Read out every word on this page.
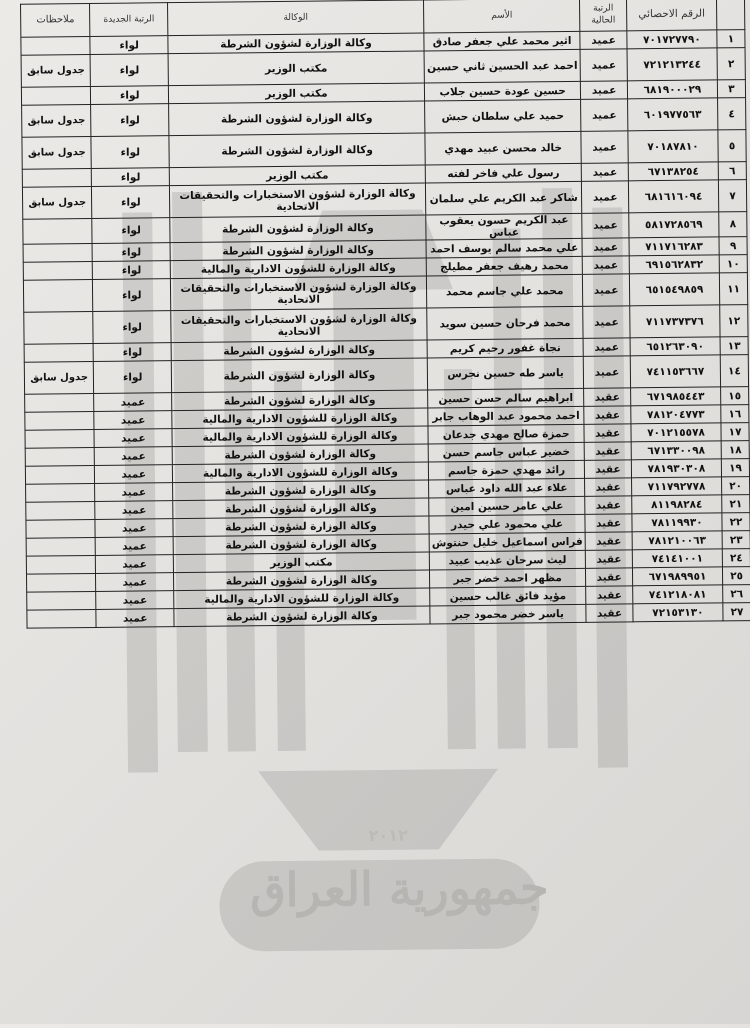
جمهورية العراق
٢٠١٢
	الرقم الاحصائي	الرتبة الحالية	الأسم	الوكالة	الرتبة الجديدة	ملاحظات
١	٧٠١٧٢٧٧٩٠	عميد	اثير محمد علي جعفر صادق	وكالة الوزارة لشؤون الشرطة	لواء	
٢	٧٢١٢١٣٢٤٤	عميد	احمد عبد الحسين ثاني حسين	مكتب الوزير	لواء	جدول سابق
٣	٦٨١٩٠٠٠٢٩	عميد	حسين عودة حسين جلاب	مكتب الوزير	لواء	
٤	٦٠١٩٧٧٥٦٣	عميد	حميد علي سلطان حبش	وكالة الوزارة لشؤون الشرطة	لواء	جدول سابق
٥	٧٠١٨٧٨١٠	عميد	خالد محسن عبيد مهدي	وكالة الوزارة لشؤون الشرطة	لواء	جدول سابق
٦	٦٧١٣٨٢٥٤	عميد	رسول علي فاخر لفته	مكتب الوزير	لواء	
٧	٦٨١٦١٦٠٩٤	عميد	شاكر عبد الكريم علي سلمان	وكالة الوزارة لشؤون الاستخبارات والتحقيقات الاتحادية	لواء	جدول سابق
٨	٥٨١٧٢٨٥٦٩	عميد	عبد الكريم حسون يعقوب عباس	وكالة الوزارة لشؤون الشرطة	لواء	
٩	٧١١٧١٦٢٨٣	عميد	علي محمد سالم يوسف احمد	وكالة الوزارة لشؤون الشرطة	لواء	
١٠	٦٩١٥٦٢٨٣٢	عميد	محمد رهيف جعفر مطيلج	وكالة الوزارة للشؤون الادارية والمالية	لواء	
١١	٦٥١٥٤٩٨٥٩	عميد	محمد علي جاسم محمد	وكالة الوزارة لشؤون الاستخبارات والتحقيقات الاتحادية	لواء	
١٢	٧١١٧٣٧٣٧٦	عميد	محمد فرحان حسين سويد	وكالة الوزارة لشؤون الاستخبارات والتحقيقات الاتحادية	لواء	
١٣	٦٥١٢٦٣٠٩٠	عميد	نجاة غفور رحيم كريم	وكالة الوزارة لشؤون الشرطة	لواء	
١٤	٧٤١١٥٣٦٦٧	عميد	ياسر طه حسين نجرس	وكالة الوزارة لشؤون الشرطة	لواء	جدول سابق
١٥	٦٧١٩٨٥٤٤٣	عقيد	ابراهيم سالم حسن حسين	وكالة الوزارة لشؤون الشرطة	عميد	
١٦	٧٨١٢٠٤٧٧٣	عقيد	احمد محمود عبد الوهاب جابر	وكالة الوزارة للشؤون الادارية والمالية	عميد	
١٧	٧٠١٢١٥٥٧٨	عقيد	حمزة صالح مهدي جدعان	وكالة الوزارة للشؤون الادارية والمالية	عميد	
١٨	٦٧١٣٣٠٠٩٨	عقيد	خضير عباس جاسم حسن	وكالة الوزارة لشؤون الشرطة	عميد	
١٩	٧٨١٩٣٠٣٠٨	عقيد	رائد مهدي حمزة جاسم	وكالة الوزارة للشؤون الادارية والمالية	عميد	
٢٠	٧١١٧٩٢٧٧٨	عقيد	علاء عبد الله داود عباس	وكالة الوزارة لشؤون الشرطة	عميد	
٢١	٨١١٩٨٢٨٤	عقيد	علي عامر حسين امين	وكالة الوزارة لشؤون الشرطة	عميد	
٢٢	٧٨١١٩٩٣٠	عقيد	علي محمود علي حيدر	وكالة الوزارة لشؤون الشرطة	عميد	
٢٣	٧٨١٢١٠٠٦٣	عقيد	فراس اسماعيل خليل حنتوش	وكالة الوزارة لشؤون الشرطة	عميد	
٢٤	٧٤١٤١٠٠١	عقيد	ليث سرحان عذيب عبيد	مكتب الوزير	عميد	
٢٥	٦٧١٩٨٩٩٥١	عقيد	مظهر احمد خضر جبر	وكالة الوزارة لشؤون الشرطة	عميد	
٢٦	٧٤١٢١٨٠٨١	عقيد	مؤيد فائق غالب حسين	وكالة الوزارة للشؤون الادارية والمالية	عميد	
٢٧	٧٢١٥٣١٣٠	عقيد	ياسر خضر محمود جبر	وكالة الوزارة لشؤون الشرطة	عميد	
